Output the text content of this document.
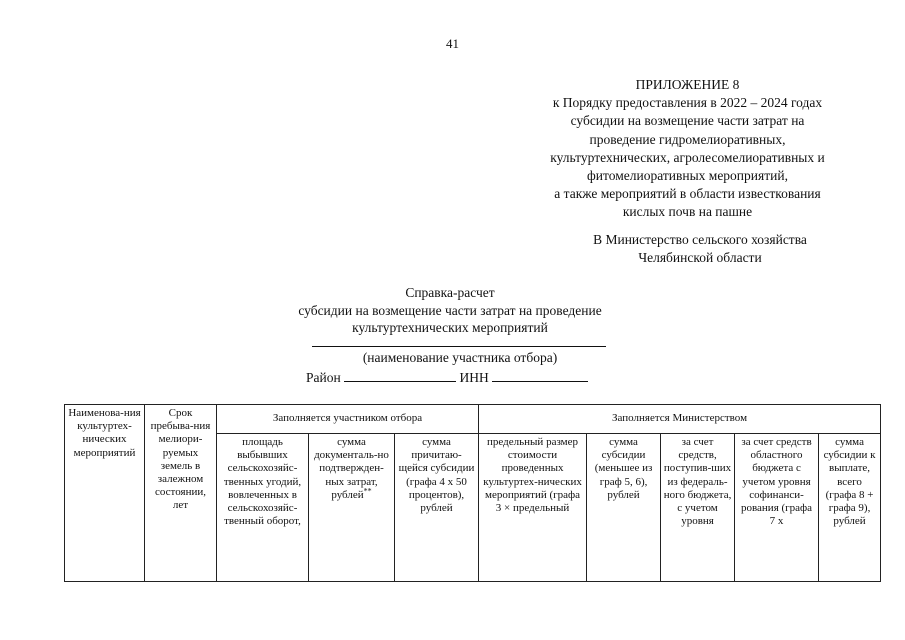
41
ПРИЛОЖЕНИЕ 8
к Порядку предоставления в 2022 – 2024 годах
субсидии на возмещение части затрат на
проведение гидромелиоративных,
культуртехнических, агролесомелиоративных и
фитомелиоративных мероприятий,
а также мероприятий в области известкования
кислых почв на пашне
В Министерство сельского хозяйства
Челябинской области
Справка-расчет
субсидии на возмещение части затрат на проведение
культуртехнических мероприятий
(наименование участника отбора)
Район	ИНН
Наименова-ния культуртех-нических мероприятий	Срок пребыва-ния мелиори-руемых земель в залежном состоянии, лет	Заполняется участником отбора			Заполняется Министерством				
		площадь выбывших сельскохозяйс-твенных угодий, вовлеченных в сельскохозяйс-твенный оборот,	сумма документаль-но подтвержден-ных затрат, рублей**	сумма причитаю-щейся субсидии (графа 4 х 50 процентов), рублей	предельный размер стоимости проведенных культуртех-нических мероприятий (графа 3 × предельный	сумма субсидии (меньшее из граф 5, 6), рублей	за счет средств, поступив-ших из федераль-ного бюджета, с учетом уровня	за счет средств областного бюджета с учетом уровня софинанси-рования (графа 7 х	сумма субсидии к выплате, всего (графа 8 + графа 9), рублей
